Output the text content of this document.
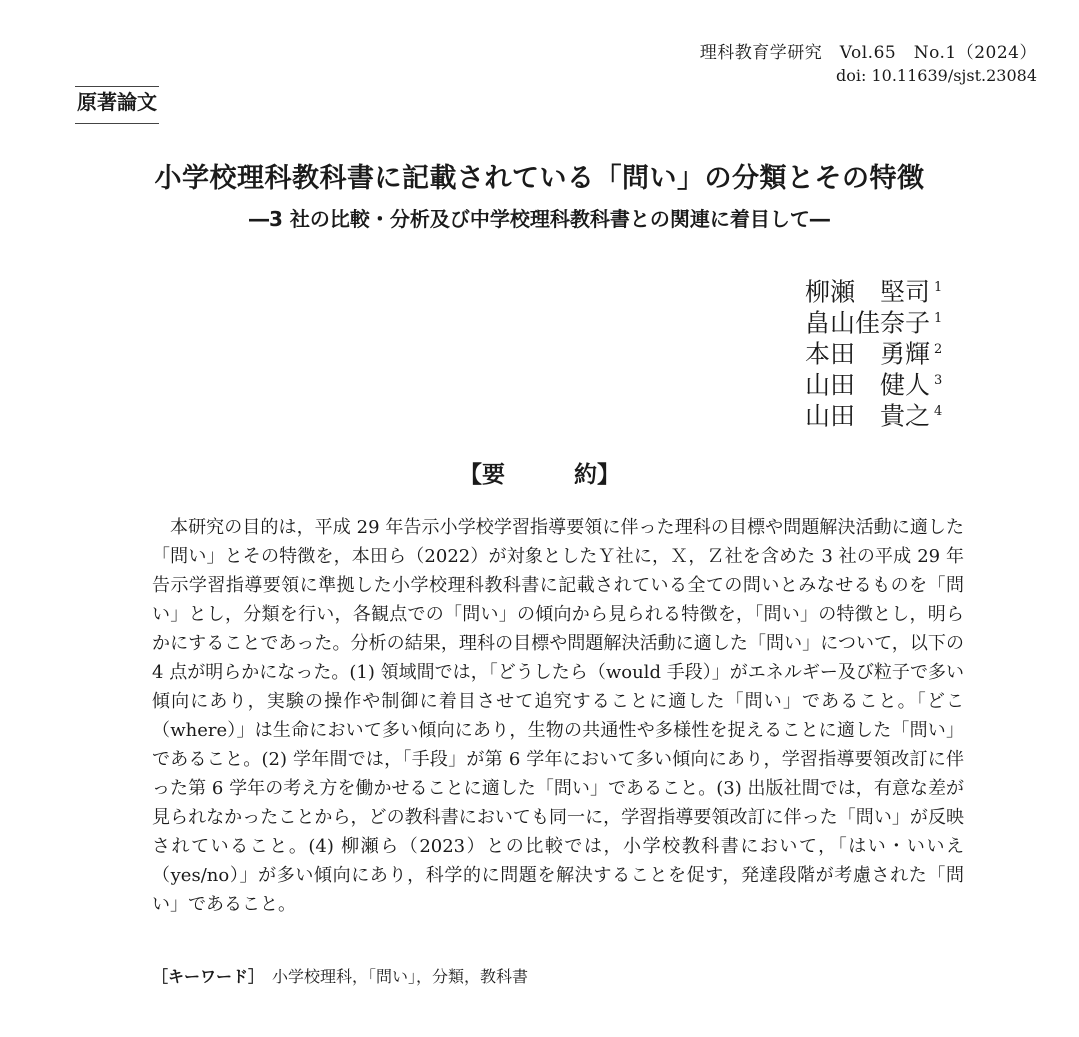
理科教育学研究　Vol.65　No.1（2024）
doi: 10.11639/sjst.23084
原著論文
小学校理科教科書に記載されている「問い」の分類とその特徴
―3 社の比較・分析及び中学校理科教科書との関連に着目して―
柳瀬　堅司 $^1$
畠山佳奈子 $^1$
本田　勇輝 $^2$
山田　健人 $^3$
山田　貴之 $^4$
【要　　　約】

本研究の目的は，平成 29 年告示小学校学習指導要領に伴った理科の目標や問題解決活動に適した「問い」とその特徴を，本田ら（2022）が対象としたＹ社に，Ｘ，Ｚ社を含めた 3 社の平成 29 年告示学習指導要領に準拠した小学校理科教科書に記載されている全ての問いとみなせるものを「問い」とし，分類を行い，各観点での「問い」の傾向から見られる特徴を，「問い」の特徴とし，明らかにすることであった。分析の結果，理科の目標や問題解決活動に適した「問い」について，以下の 4 点が明らかになった。(1) 領域間では，「どうしたら（would 手段）」がエネルギー及び粒子で多い傾向にあり，実験の操作や制御に着目させて追究することに適した「問い」であること。「どこ（where）」は生命において多い傾向にあり，生物の共通性や多様性を捉えることに適した「問い」であること。(2) 学年間では，「手段」が第 6 学年において多い傾向にあり，学習指導要領改訂に伴った第 6 学年の考え方を働かせることに適した「問い」であること。(3) 出版社間では，有意な差が見られなかったことから，どの教科書においても同一に，学習指導要領改訂に伴った「問い」が反映されていること。(4) 柳瀬ら（2023）との比較では，小学校教科書において，「はい・いいえ（yes/no）」が多い傾向にあり，科学的に問題を解決することを促す，発達段階が考慮された「問い」であること。

［キーワード］ 小学校理科，「問い」，分類，教科書
